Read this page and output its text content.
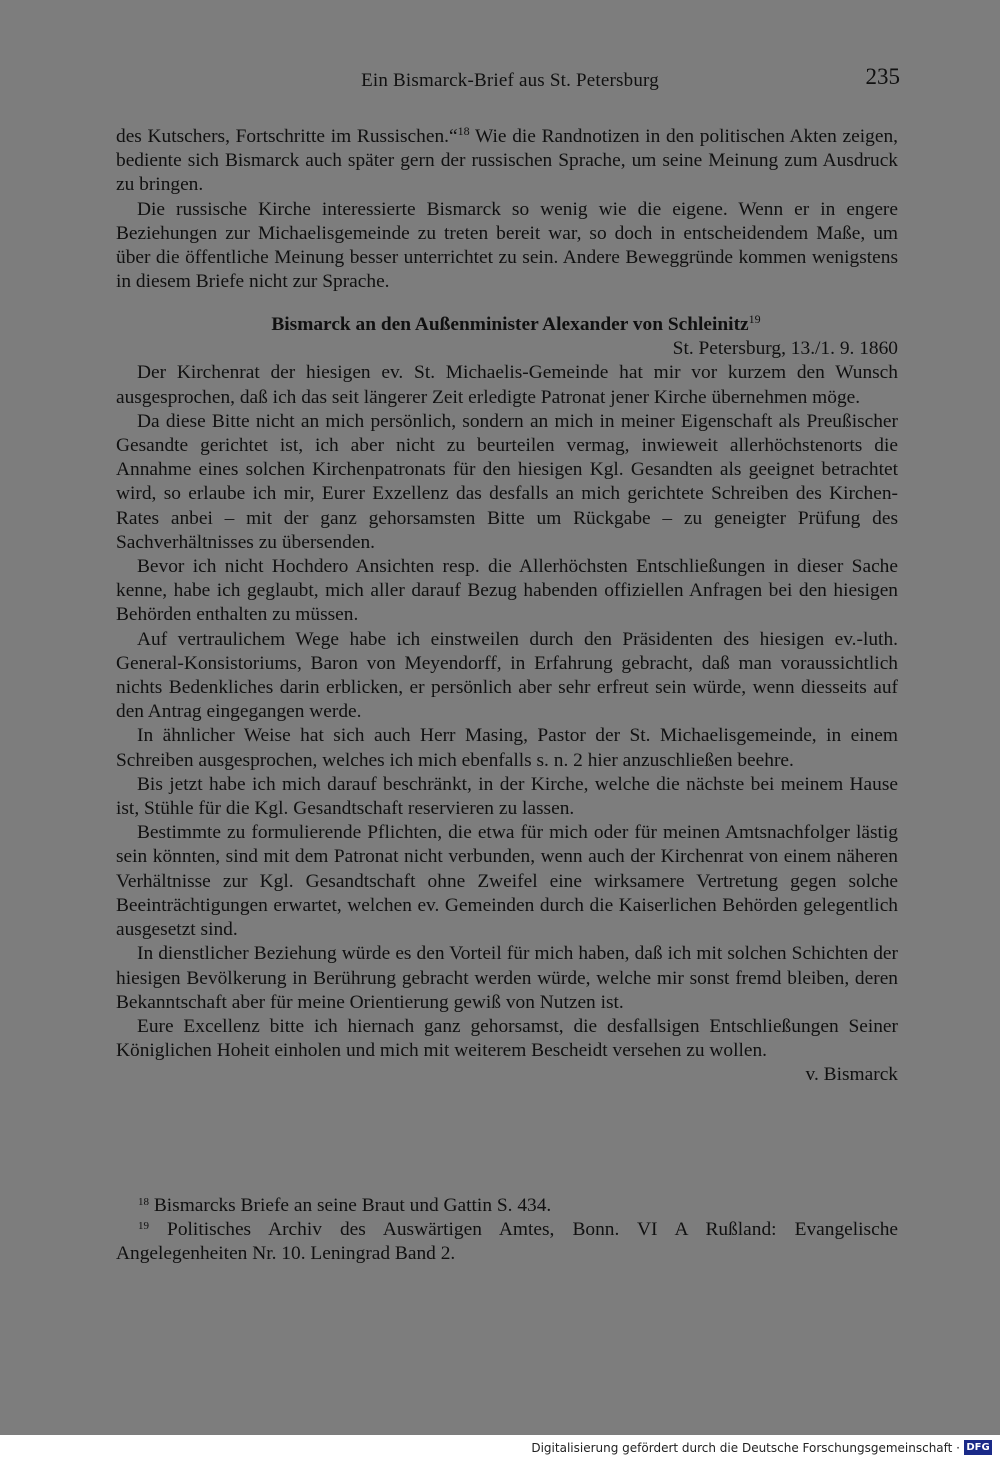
Ein Bismarck-Brief aus St. Petersburg	235

des Kutschers, Fortschritte im Russischen.“$^{18}$ Wie die Randnotizen in den politischen Akten zeigen, bediente sich Bismarck auch später gern der russischen Sprache, um seine Meinung zum Ausdruck zu bringen.

Die russische Kirche interessierte Bismarck so wenig wie die eigene. Wenn er in engere Beziehungen zur Michaelisgemeinde zu treten bereit war, so doch in entscheidendem Maße, um über die öffentliche Meinung besser unterrichtet zu sein. Andere Beweggründe kommen wenigstens in diesem Briefe nicht zur Sprache.

Bismarck an den Außenminister Alexander von Schleinitz$^{19}$
St. Petersburg, 13./1. 9. 1860

Der Kirchenrat der hiesigen ev. St. Michaelis-Gemeinde hat mir vor kurzem den Wunsch ausgesprochen, daß ich das seit längerer Zeit erledigte Patronat jener Kirche übernehmen möge.

Da diese Bitte nicht an mich persönlich, sondern an mich in meiner Eigenschaft als Preußischer Gesandte gerichtet ist, ich aber nicht zu beurteilen vermag, inwieweit allerhöchstenorts die Annahme eines solchen Kirchenpatronats für den hiesigen Kgl. Gesandten als geeignet betrachtet wird, so erlaube ich mir, Eurer Exzellenz das desfalls an mich gerichtete Schreiben des Kirchen-Rates anbei – mit der ganz gehorsamsten Bitte um Rückgabe – zu geneigter Prüfung des Sachverhältnisses zu übersenden.

Bevor ich nicht Hochdero Ansichten resp. die Allerhöchsten Entschließungen in dieser Sache kenne, habe ich geglaubt, mich aller darauf Bezug habenden offiziellen Anfragen bei den hiesigen Behörden enthalten zu müssen.

Auf vertraulichem Wege habe ich einstweilen durch den Präsidenten des hiesigen ev.-luth. General-Konsistoriums, Baron von Meyendorff, in Erfahrung gebracht, daß man voraussichtlich nichts Bedenkliches darin erblicken, er persönlich aber sehr erfreut sein würde, wenn diesseits auf den Antrag eingegangen werde.

In ähnlicher Weise hat sich auch Herr Masing, Pastor der St. Michaelisgemeinde, in einem Schreiben ausgesprochen, welches ich mich ebenfalls s. n. 2 hier anzuschließen beehre.

Bis jetzt habe ich mich darauf beschränkt, in der Kirche, welche die nächste bei meinem Hause ist, Stühle für die Kgl. Gesandtschaft reservieren zu lassen.

Bestimmte zu formulierende Pflichten, die etwa für mich oder für meinen Amtsnachfolger lästig sein könnten, sind mit dem Patronat nicht verbunden, wenn auch der Kirchenrat von einem näheren Verhältnisse zur Kgl. Gesandtschaft ohne Zweifel eine wirksamere Vertretung gegen solche Beeinträchtigungen erwartet, welchen ev. Gemeinden durch die Kaiserlichen Behörden gelegentlich ausgesetzt sind.

In dienstlicher Beziehung würde es den Vorteil für mich haben, daß ich mit solchen Schichten der hiesigen Bevölkerung in Berührung gebracht werden würde, welche mir sonst fremd bleiben, deren Bekanntschaft aber für meine Orientierung gewiß von Nutzen ist.

Eure Excellenz bitte ich hiernach ganz gehorsamst, die desfallsigen Entschließungen Seiner Königlichen Hoheit einholen und mich mit weiterem Bescheidt versehen zu wollen.

v. Bismarck

$^{18}$ Bismarcks Briefe an seine Braut und Gattin S. 434.

$^{19}$ Politisches Archiv des Auswärtigen Amtes, Bonn. VI A Rußland: Evangelische Angelegenheiten Nr. 10. Leningrad Band 2.

Digitalisierung gefördert durch die Deutsche Forschungsgemeinschaft · DFG
